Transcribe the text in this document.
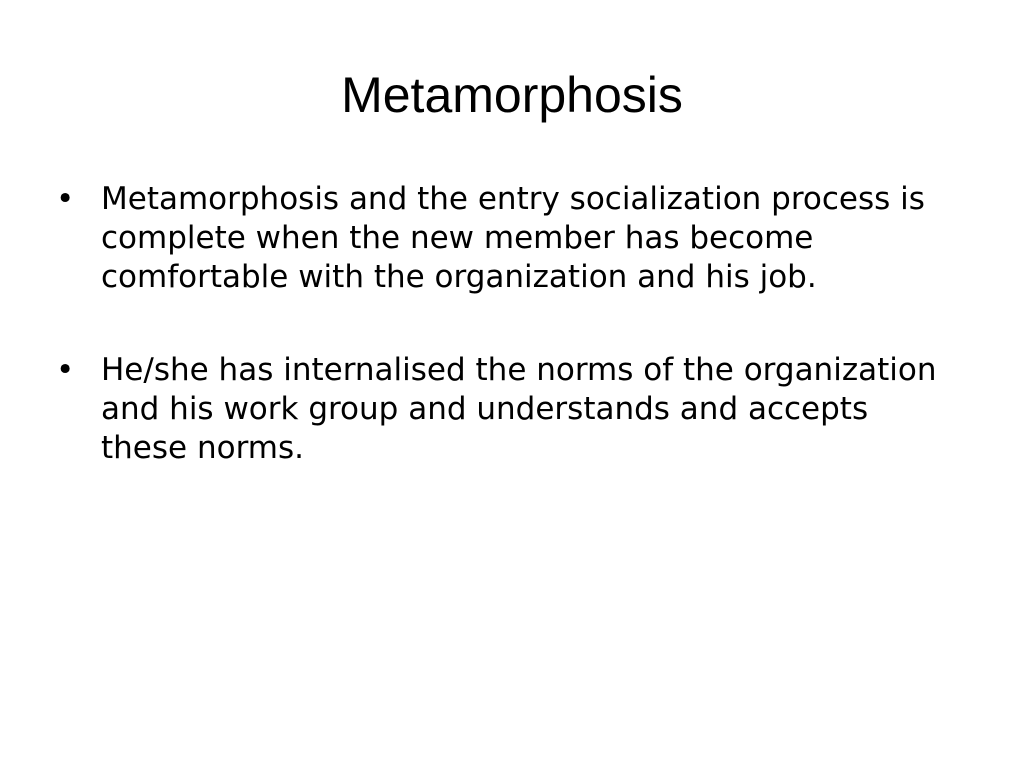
Metamorphosis
• Metamorphosis and the entry socialization process is complete when the new member has become comfortable with the organization and his job.
• He/she has internalised the norms of the organization and his work group and understands and accepts these norms.
